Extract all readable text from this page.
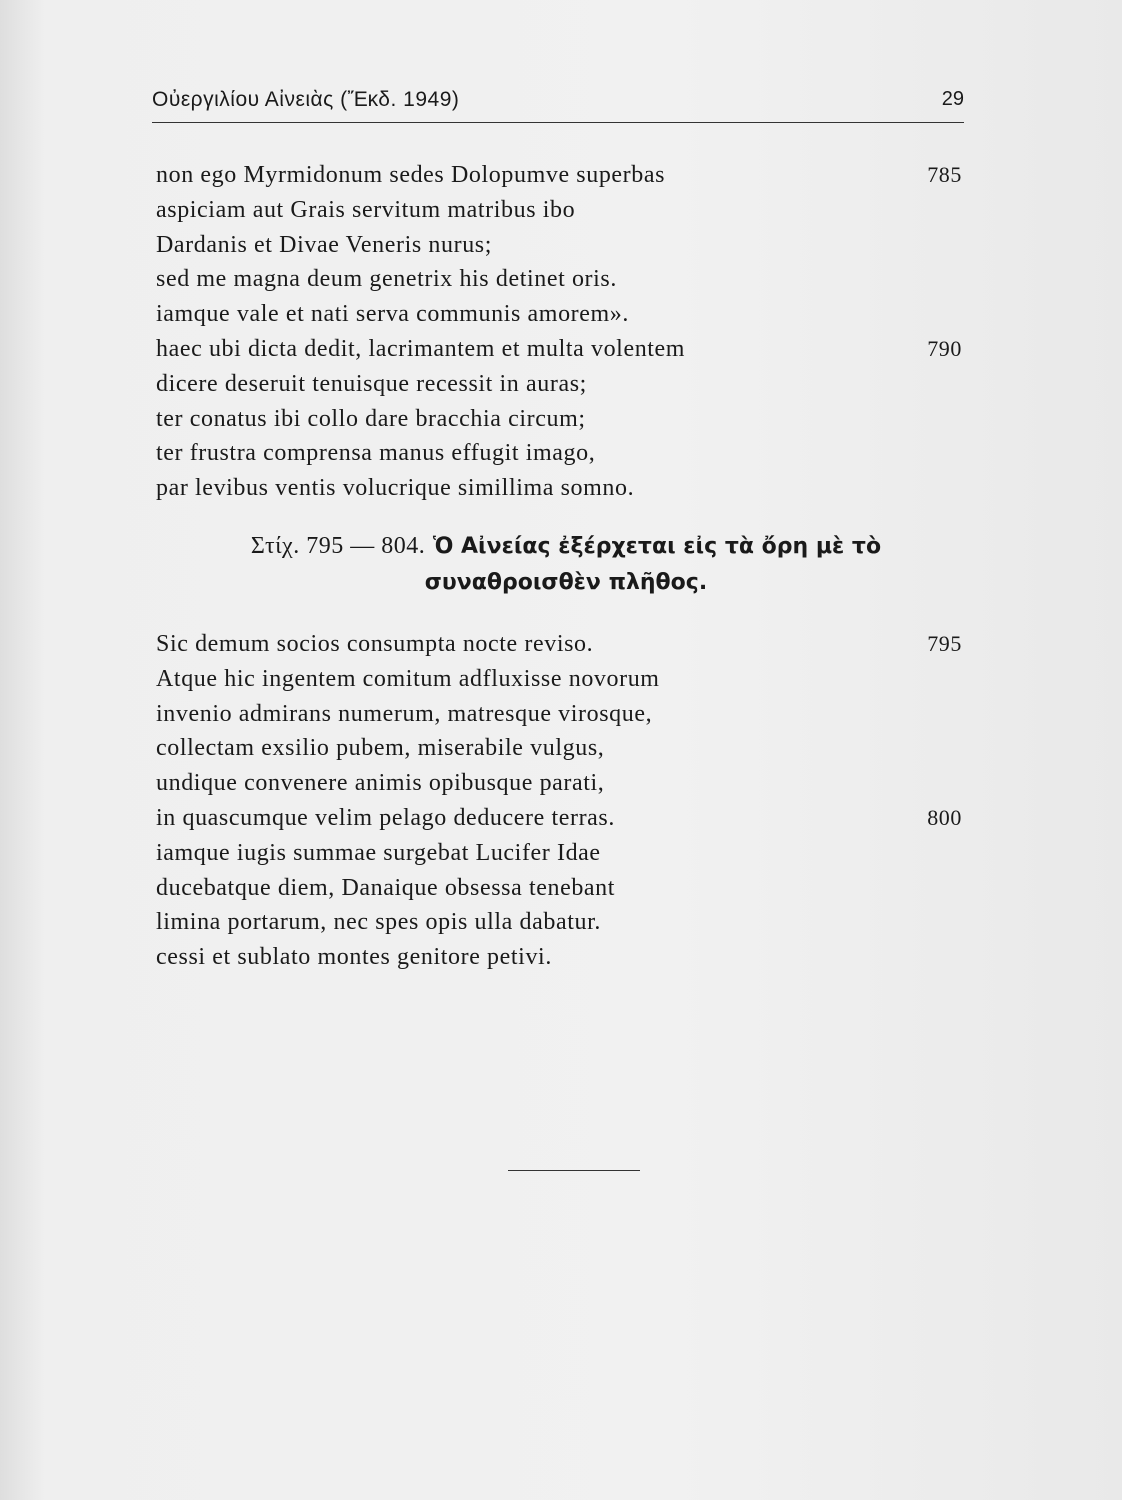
Οὐεργιλίου Αἰνειὰς (Ἔκδ. 1949)	29
non ego Myrmidonum sedes Dolopumve superbas	785
aspiciam aut Grais servitum matribus ibo
Dardanis et Divae Veneris nurus;
sed me magna deum genetrix his detinet oris.
iamque vale et nati serva communis amorem».
haec ubi dicta dedit, lacrimantem et multa volentem	790
dicere deseruit tenuisque recessit in auras;
ter conatus ibi collo dare bracchia circum;
ter frustra comprensa manus effugit imago,
par levibus ventis volucrique simillima somno.
Στίχ. 795 — 804. Ὁ Αἰνείας ἐξέρχεται εἰς τὰ ὄρη μὲ τὸ
συναθροισθὲν πλῆθος.
Sic demum socios consumpta nocte reviso.	795
Atque hic ingentem comitum adfluxisse novorum
invenio admirans numerum, matresque virosque,
collectam exsilio pubem, miserabile vulgus,
undique convenere animis opibusque parati,
in quascumque velim pelago deducere terras.	800
iamque iugis summae surgebat Lucifer Idae
ducebatque diem, Danaique obsessa tenebant
limina portarum, nec spes opis ulla dabatur.
cessi et sublato montes genitore petivi.
